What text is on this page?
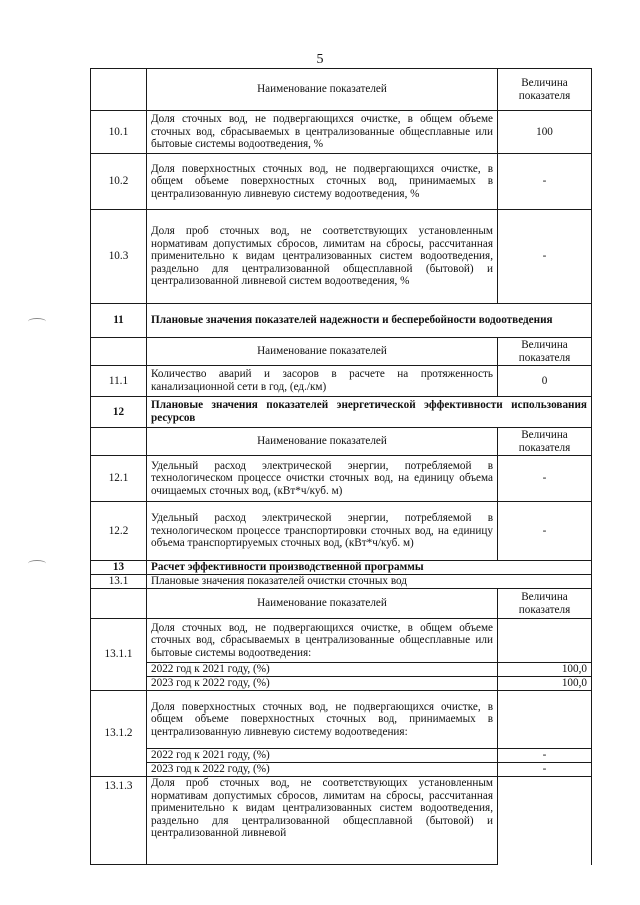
5
	Наименование показателей	Величина показателя
10.1	Доля сточных вод, не подвергающихся очистке, в общем объеме сточных вод, сбрасываемых в централизованные общесплавные или бытовые системы водоотведения, %	100
10.2	Доля поверхностных сточных вод, не подвергающихся очистке, в общем объеме поверхностных сточных вод, принимаемых в централизованную ливневую систему водоотведения, %	-
10.3	Доля проб сточных вод, не соответствующих установленным нормативам допустимых сбросов, лимитам на сбросы, рассчитанная применительно к видам централизованных систем водоотведения, раздельно для централизованной общесплавной (бытовой) и централизованной ливневой систем водоотведения, %	-
11	Плановые значения показателей надежности и бесперебойности водоотведения	
	Наименование показателей	Величина показателя
11.1	Количество аварий и засоров в расчете на протяженность канализационной сети в год, (ед./км)	0
12	Плановые значения показателей энергетической эффективности использования ресурсов	
	Наименование показателей	Величина показателя
12.1	Удельный расход электрической энергии, потребляемой в технологическом процессе очистки сточных вод, на единицу объема очищаемых сточных вод, (кВт*ч/куб. м)	-
12.2	Удельный расход электрической энергии, потребляемой в технологическом процессе транспортировки сточных вод, на единицу объема транспортируемых сточных вод, (кВт*ч/куб. м)	-
13	Расчет эффективности производственной программы	
13.1	Плановые значения показателей очистки сточных вод	
	Наименование показателей	Величина показателя
13.1.1	Доля сточных вод, не подвергающихся очистке, в общем объеме сточных вод, сбрасываемых в централизованные общесплавные или бытовые системы водоотведения:	
	2022 год к 2021 году, (%)	100,0
	2023 год к 2022 году, (%)	100,0
13.1.2	Доля поверхностных сточных вод, не подвергающихся очистке, в общем объеме поверхностных сточных вод, принимаемых в централизованную ливневую систему водоотведения:	
	2022 год к 2021 году, (%)	-
	2023 год к 2022 году, (%)	-
13.1.3	Доля проб сточных вод, не соответствующих установленным нормативам допустимых сбросов, лимитам на сбросы, рассчитанная применительно к видам централизованных систем водоотведения, раздельно для централизованной общесплавной (бытовой) и централизованной ливневой	
